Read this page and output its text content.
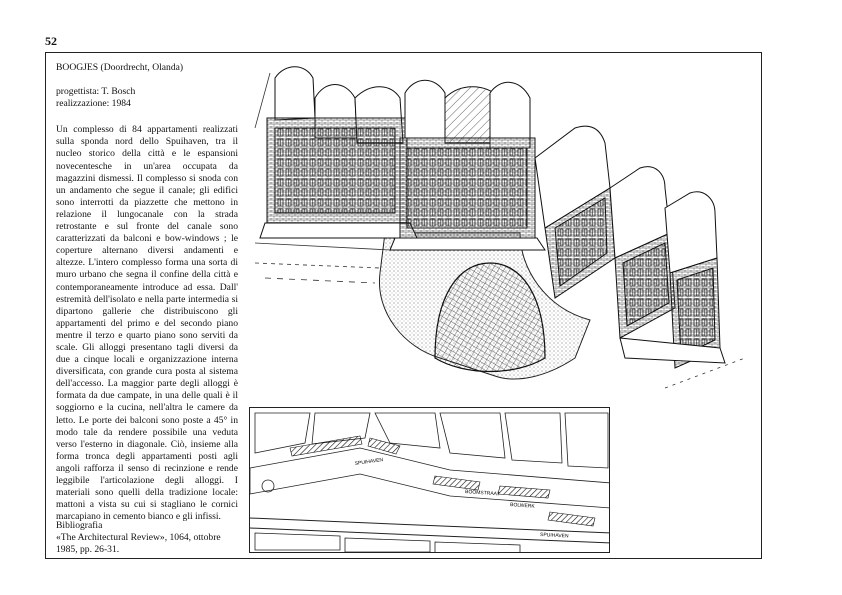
52

BOOGJES (Doordrecht, Olanda)

progettista: T. Bosch

realizzazione: 1984

Un complesso di 84 appartamenti realizzati sulla sponda nord dello Spuihaven, tra il nucleo storico della città e le espansioni novecentesche in un'area occupata da magazzini dismessi. Il complesso si snoda con un andamento che segue il canale; gli edifici sono interrotti da piazzette che mettono in relazione il lungocanale con la strada retrostante e sul fronte del canale sono caratterizzati da balconi e bow-windows ; le coperture alternano diversi andamenti e altezze. L'intero complesso forma una sorta di muro urbano che segna il confine della città e contemporaneamente introduce ad essa. Dall' estremità dell'isolato e nella parte intermedia si dipartono gallerie che distribuiscono gli appartamenti del primo e del secondo piano mentre il terzo e quarto piano sono serviti da scale. Gli alloggi presentano tagli diversi da due a cinque locali e organizzazione interna diversificata, con grande cura posta al sistema dell'accesso. La maggior parte degli alloggi è formata da due campate, in una delle quali è il soggiorno e la cucina, nell'altra le camere da letto. Le porte dei balconi sono poste a 45° in modo tale da rendere possibile una veduta verso l'esterno in diagonale. Ciò, insieme alla forma tronca degli appartamenti posti agli angoli rafforza il senso di recinzione e rende leggibile l'articolazione degli alloggi. I materiali sono quelli della tradizione locale: mattoni a vista su cui si stagliano le cornici marcapiano in cemento bianco e gli infissi.

Bibliografia

«The Architectural Review», 1064, ottobre 1985, pp. 26-31.

SPUIHAVEN
BOOMSTRAAT
BOLWERK
SPUIHAVEN
